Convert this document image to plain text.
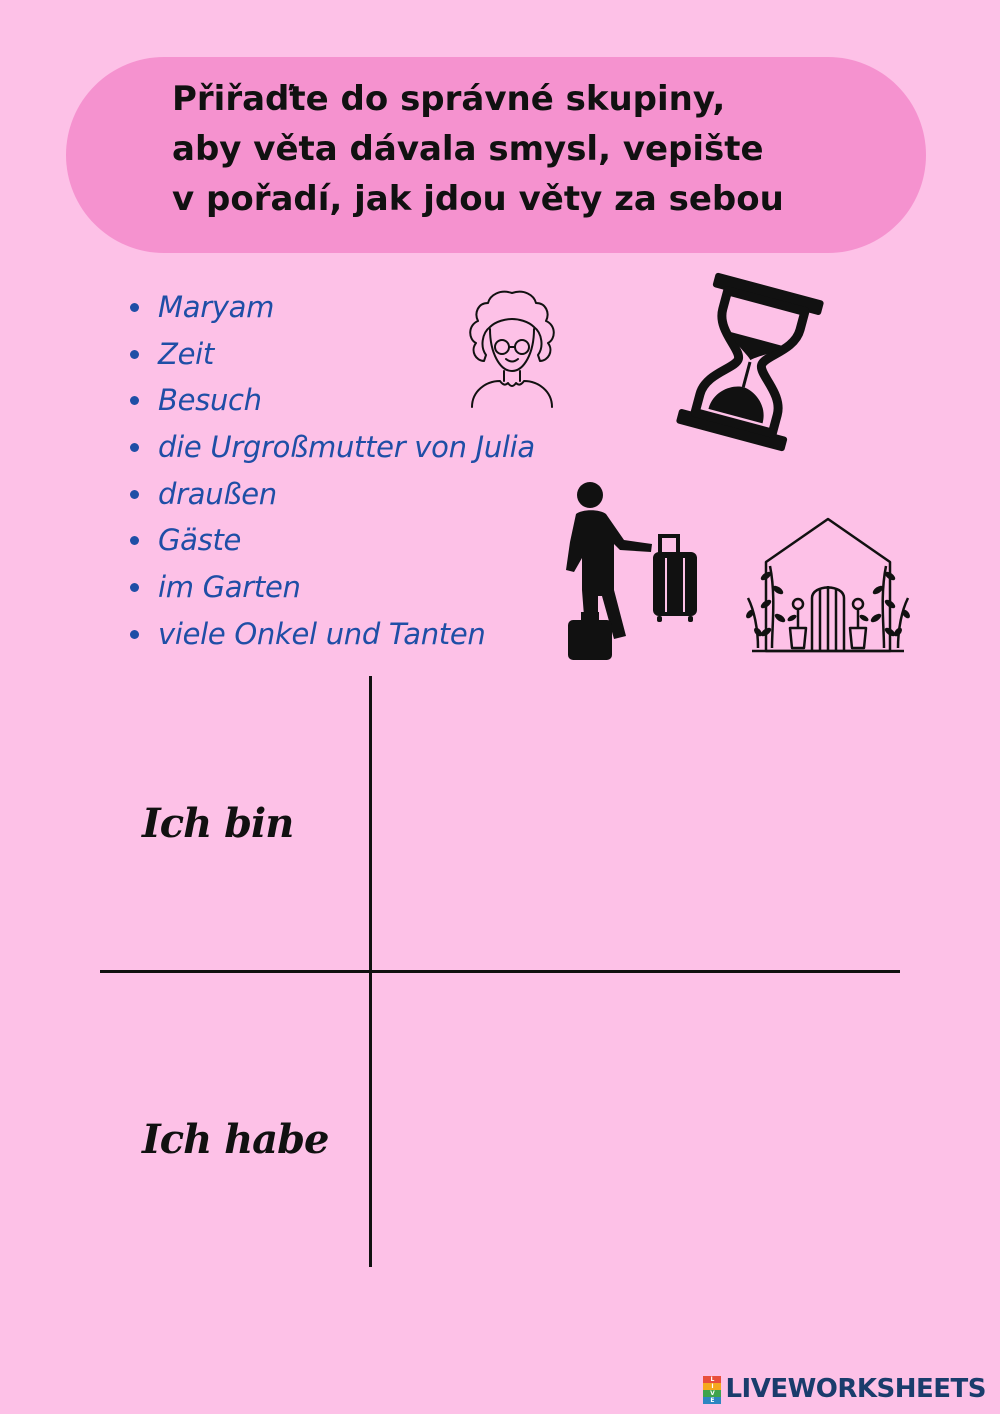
Přiřaďte do správné skupiny,
aby věta dávala smysl, vepište
v pořadí, jak jdou věty za sebou
Maryam
Zeit
Besuch
die Urgroßmutter von Julia
draußen
Gäste
im Garten
viele Onkel und Tanten
Ich bin
Ich habe
L
I
V
E LIVEWORKSHEETS
